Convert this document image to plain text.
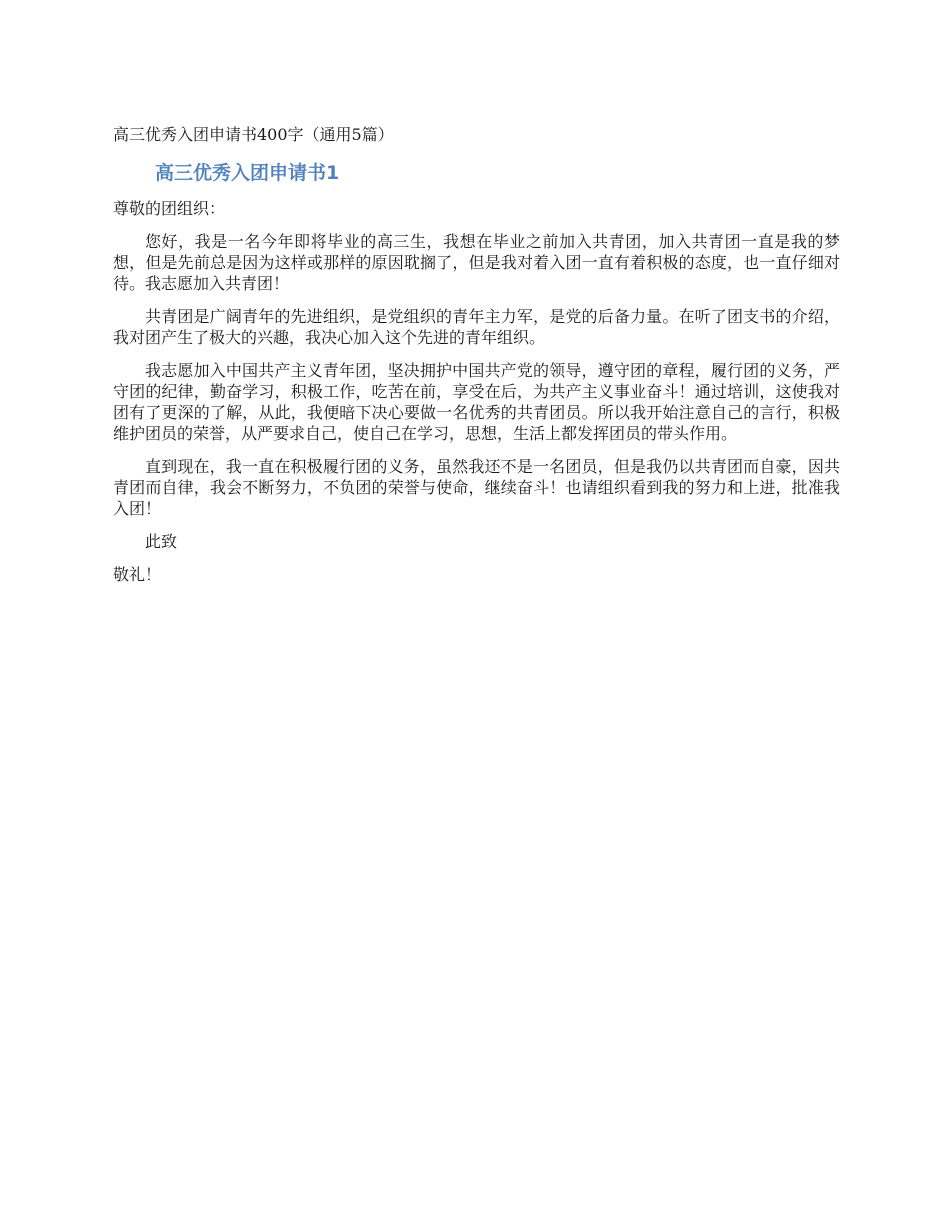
高三优秀入团申请书400字（通用5篇）

高三优秀入团申请书1

尊敬的团组织：

您好，我是一名今年即将毕业的高三生，我想在毕业之前加入共青团，加入共青团一直是我的梦想，但是先前总是因为这样或那样的原因耽搁了，但是我对着入团一直有着积极的态度，也一直仔细对待。我志愿加入共青团！

共青团是广阔青年的先进组织，是党组织的青年主力军，是党的后备力量。在听了团支书的介绍，我对团产生了极大的兴趣，我决心加入这个先进的青年组织。

我志愿加入中国共产主义青年团，坚决拥护中国共产党的领导，遵守团的章程，履行团的义务，严守团的纪律，勤奋学习，积极工作，吃苦在前，享受在后，为共产主义事业奋斗！通过培训，这使我对团有了更深的了解，从此，我便暗下决心要做一名优秀的共青团员。所以我开始注意自己的言行，积极维护团员的荣誉，从严要求自己，使自己在学习，思想，生活上都发挥团员的带头作用。

直到现在，我一直在积极履行团的义务，虽然我还不是一名团员，但是我仍以共青团而自豪，因共青团而自律，我会不断努力，不负团的荣誉与使命，继续奋斗！也请组织看到我的努力和上进，批准我入团！

此致

敬礼！
